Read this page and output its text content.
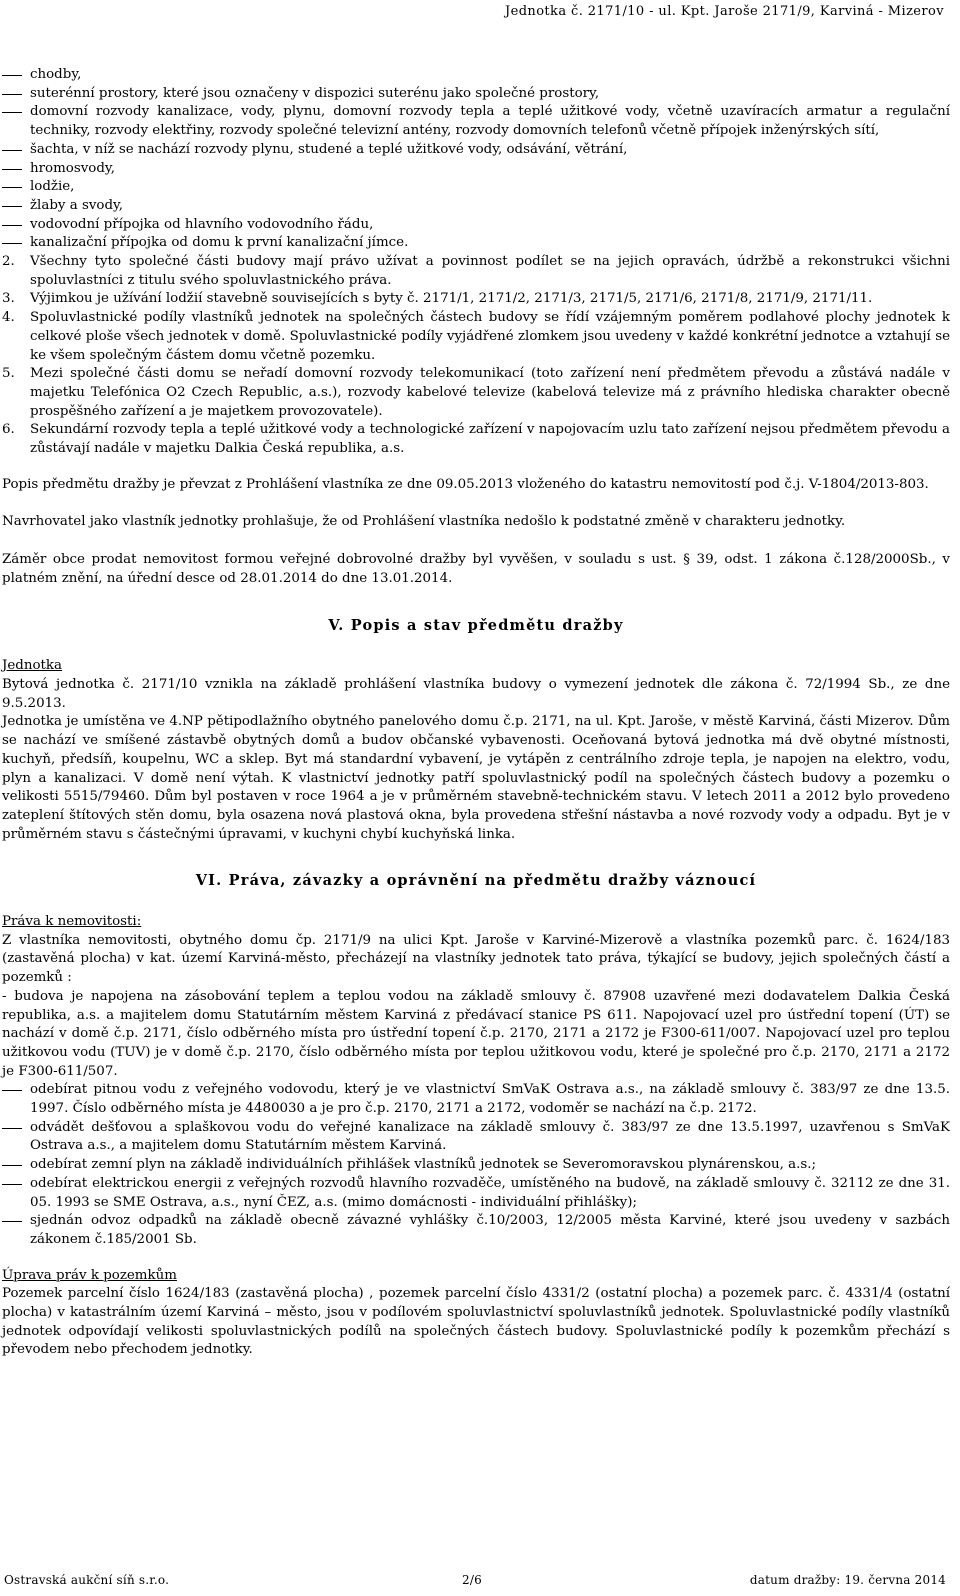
Jednotka č. 2171/10 - ul. Kpt. Jaroše 2171/9, Karviná - Mizerov
chodby,
suterénní prostory, které jsou označeny v dispozici suterénu jako společné prostory,
domovní rozvody kanalizace, vody, plynu, domovní rozvody tepla a teplé užitkové vody, včetně uzavíracích armatur a regulační techniky, rozvody elektřiny, rozvody společné televizní antény, rozvody domovních telefonů včetně přípojek inženýrských sítí,
šachta, v níž se nachází rozvody plynu, studené a teplé užitkové vody, odsávání, větrání,
hromosvody,
lodžie,
žlaby a svody,
vodovodní přípojka od hlavního vodovodního řádu,
kanalizační přípojka od domu k první kanalizační jímce.
2. Všechny tyto společné části budovy mají právo užívat a povinnost podílet se na jejich opravách, údržbě a rekonstrukci všichni spoluvlastníci z titulu svého spoluvlastnického práva.
3. Výjimkou je užívání lodžií stavebně souvisejících s byty č. 2171/1, 2171/2, 2171/3, 2171/5, 2171/6, 2171/8, 2171/9, 2171/11.
4. Spoluvlastnické podíly vlastníků jednotek na společných částech budovy se řídí vzájemným poměrem podlahové plochy jednotek k celkové ploše všech jednotek v domě. Spoluvlastnické podíly vyjádřené zlomkem jsou uvedeny v každé konkrétní jednotce a vztahují se ke všem společným částem domu včetně pozemku.
5. Mezi společné části domu se neřadí domovní rozvody telekomunikací (toto zařízení není předmětem převodu a zůstává nadále v majetku Telefónica O2 Czech Republic, a.s.), rozvody kabelové televize (kabelová televize má z právního hlediska charakter obecně prospěšného zařízení a je majetkem provozovatele).
6. Sekundární rozvody tepla a teplé užitkové vody a technologické zařízení v napojovacím uzlu tato zařízení nejsou předmětem převodu a zůstávají nadále v majetku Dalkia Česká republika, a.s.
Popis předmětu dražby je převzat z Prohlášení vlastníka ze dne 09.05.2013 vloženého do katastru nemovitostí pod č.j. V-1804/2013-803.
Navrhovatel jako vlastník jednotky prohlašuje, že od Prohlášení vlastníka nedošlo k podstatné změně v charakteru jednotky.
Záměr obce prodat nemovitost formou veřejné dobrovolné dražby byl vyvěšen, v souladu s ust. § 39, odst. 1 zákona č.128/2000Sb., v platném znění, na úřední desce od 28.01.2014 do dne 13.01.2014.
V. Popis a stav předmětu dražby
Jednotka
Bytová jednotka č. 2171/10 vznikla na základě prohlášení vlastníka budovy o vymezení jednotek dle zákona č. 72/1994 Sb., ze dne 9.5.2013.
Jednotka je umístěna ve 4.NP pětipodlažního obytného panelového domu č.p. 2171, na ul. Kpt. Jaroše, v městě Karviná, části Mizerov. Dům se nachází ve smíšené zástavbě obytných domů a budov občanské vybavenosti. Oceňovaná bytová jednotka má dvě obytné místnosti, kuchyň, předsíň, koupelnu, WC a sklep. Byt má standardní vybavení, je vytápěn z centrálního zdroje tepla, je napojen na elektro, vodu, plyn a kanalizaci. V domě není výtah. K vlastnictví jednotky patří spoluvlastnický podíl na společných částech budovy a pozemku o velikosti 5515/79460. Dům byl postaven v roce 1964 a je v průměrném stavebně-technickém stavu. V letech 2011 a 2012 bylo provedeno zateplení štítových stěn domu, byla osazena nová plastová okna, byla provedena střešní nástavba a nové rozvody vody a odpadu. Byt je v průměrném stavu s částečnými úpravami, v kuchyni chybí kuchyňská linka.
VI. Práva, závazky a oprávnění na předmětu dražby váznoucí
Práva k nemovitosti:
Z vlastníka nemovitosti, obytného domu čp. 2171/9 na ulici Kpt. Jaroše v Karviné-Mizerově a vlastníka pozemků parc. č. 1624/183 (zastavěná plocha) v kat. území Karviná-město, přecházejí na vlastníky jednotek tato práva, týkající se budovy, jejich společných částí a pozemků :
- budova je napojena na zásobování teplem a teplou vodou na základě smlouvy č. 87908 uzavřené mezi dodavatelem Dalkia Česká republika, a.s. a majitelem domu Statutárním městem Karviná z předávací stanice PS 611. Napojovací uzel pro ústřední topení (ÚT) se nachází v domě č.p. 2171, číslo odběrného místa pro ústřední topení č.p. 2170, 2171 a 2172 je F300-611/007. Napojovací uzel pro teplou užitkovou vodu (TUV) je v domě č.p. 2170, číslo odběrného místa por teplou užitkovou vodu, které je společné pro č.p. 2170, 2171 a 2172 je F300-611/507.
odebírat pitnou vodu z veřejného vodovodu, který je ve vlastnictví SmVaK Ostrava a.s., na základě smlouvy č. 383/97 ze dne 13.5. 1997. Číslo odběrného místa je 4480030 a je pro č.p. 2170, 2171 a 2172, vodoměr se nachází na č.p. 2172.
odvádět dešťovou a splaškovou vodu do veřejné kanalizace na základě smlouvy č. 383/97 ze dne 13.5.1997, uzavřenou s SmVaK Ostrava a.s., a majitelem domu Statutárním městem Karviná.
odebírat zemní plyn na základě individuálních přihlášek vlastníků jednotek se Severomoravskou plynárenskou, a.s.;
odebírat elektrickou energii z veřejných rozvodů hlavního rozvaděče, umístěného na budově, na základě smlouvy č. 32112 ze dne 31. 05. 1993 se SME Ostrava, a.s., nyní ČEZ, a.s. (mimo domácnosti - individuální přihlášky);
sjednán odvoz odpadků na základě obecně závazné vyhlášky č.10/2003, 12/2005 města Karviné, které jsou uvedeny v sazbách zákonem č.185/2001 Sb.
Úprava práv k pozemkům
Pozemek parcelní číslo 1624/183 (zastavěná plocha) , pozemek parcelní číslo 4331/2 (ostatní plocha) a pozemek parc. č. 4331/4 (ostatní plocha) v katastrálním území Karviná – město, jsou v podílovém spoluvlastnictví spoluvlastníků jednotek. Spoluvlastnické podíly vlastníků jednotek odpovídají velikosti spoluvlastnických podílů na společných částech budovy. Spoluvlastnické podíly k pozemkům přechází s převodem nebo přechodem jednotky.
Ostravská aukční síň s.r.o.	2/6	datum dražby: 19. června 2014
